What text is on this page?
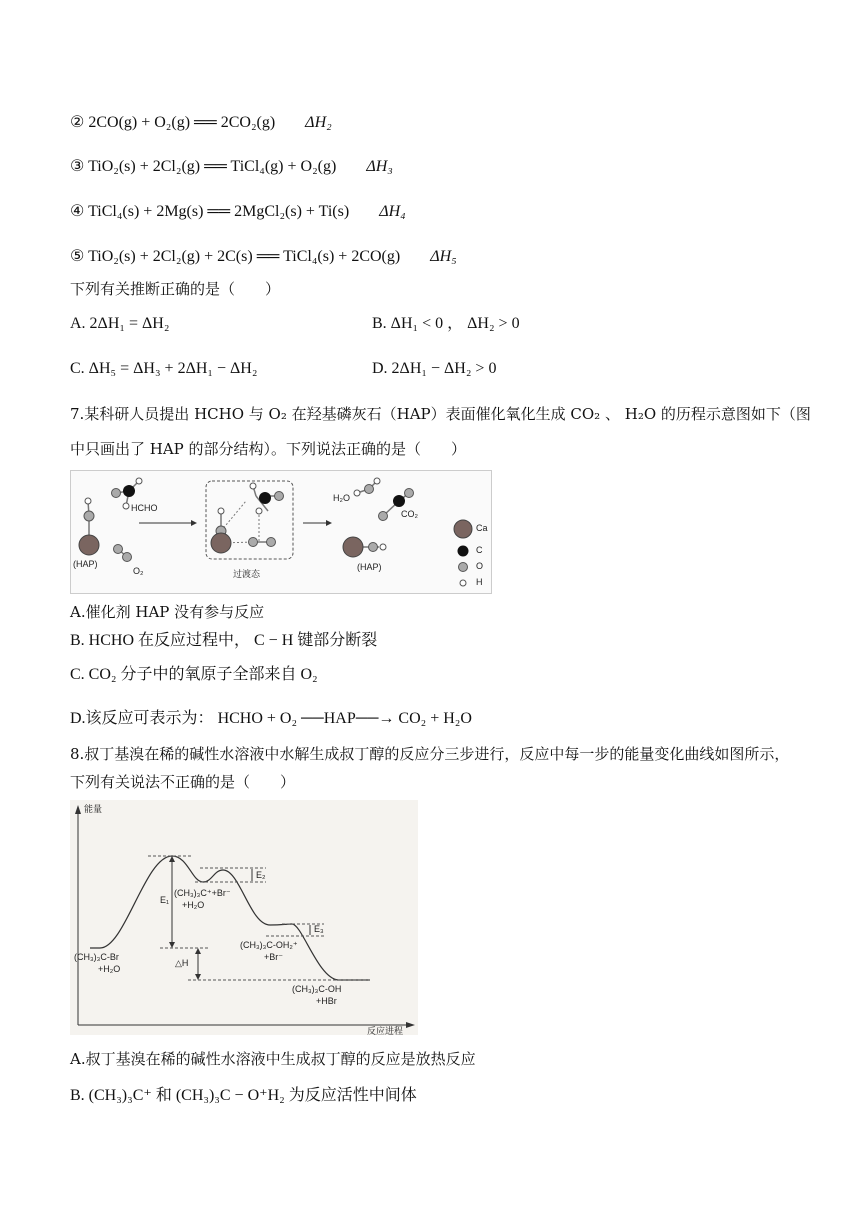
② 2CO(g) + O₂(g) ══ 2CO₂(g) ΔH₂
③ TiO₂(s) + 2Cl₂(g) ══ TiCl₄(g) + O₂(g) ΔH₃
④ TiCl₄(s) + 2Mg(s) ══ 2MgCl₂(s) + Ti(s) ΔH₄
⑤ TiO₂(s) + 2Cl₂(g) + 2C(s) ══ TiCl₄(s) + 2CO(g) ΔH₅
下列有关推断正确的是（　　）
A. 2ΔH₁ = ΔH₂	B. ΔH₁ < 0 ， ΔH₂ > 0
C. ΔH₅ = ΔH₃ + 2ΔH₁ − ΔH₂	D. 2ΔH₁ − ΔH₂ > 0
7.某科研人员提出 HCHO 与 O₂ 在羟基磷灰石（HAP）表面催化氧化生成 CO₂ 、 H₂O 的历程示意图如下（图
中只画出了 HAP 的部分结构）。下列说法正确的是（　　）
HCHO
(HAP)
O₂	过渡态
H₂O
CO₂
(HAP)
Ca
C
O
H
A.催化剂 HAP 没有参与反应
B. HCHO 在反应过程中， C − H 键部分断裂
C. CO₂ 分子中的氧原子全部来自 O₂
D.该反应可表示为： HCHO + O₂ ──HAP──→ CO₂ + H₂O
8.叔丁基溴在稀的碱性水溶液中水解生成叔丁醇的反应分三步进行，反应中每一步的能量变化曲线如图所示，
下列有关说法不正确的是（　　）
能量
反应进程
E₁
E₂
E₃
△H
(CH₃)₃C-Br
+H₂O
(CH₃)₃C⁺+Br⁻
+H₂O
(CH₃)₃C-OH₂⁺
+Br⁻
(CH₃)₃C-OH
+HBr
A.叔丁基溴在稀的碱性水溶液中生成叔丁醇的反应是放热反应
B. (CH₃)₃C⁺ 和 (CH₃)₃C − O⁺H₂ 为反应活性中间体
